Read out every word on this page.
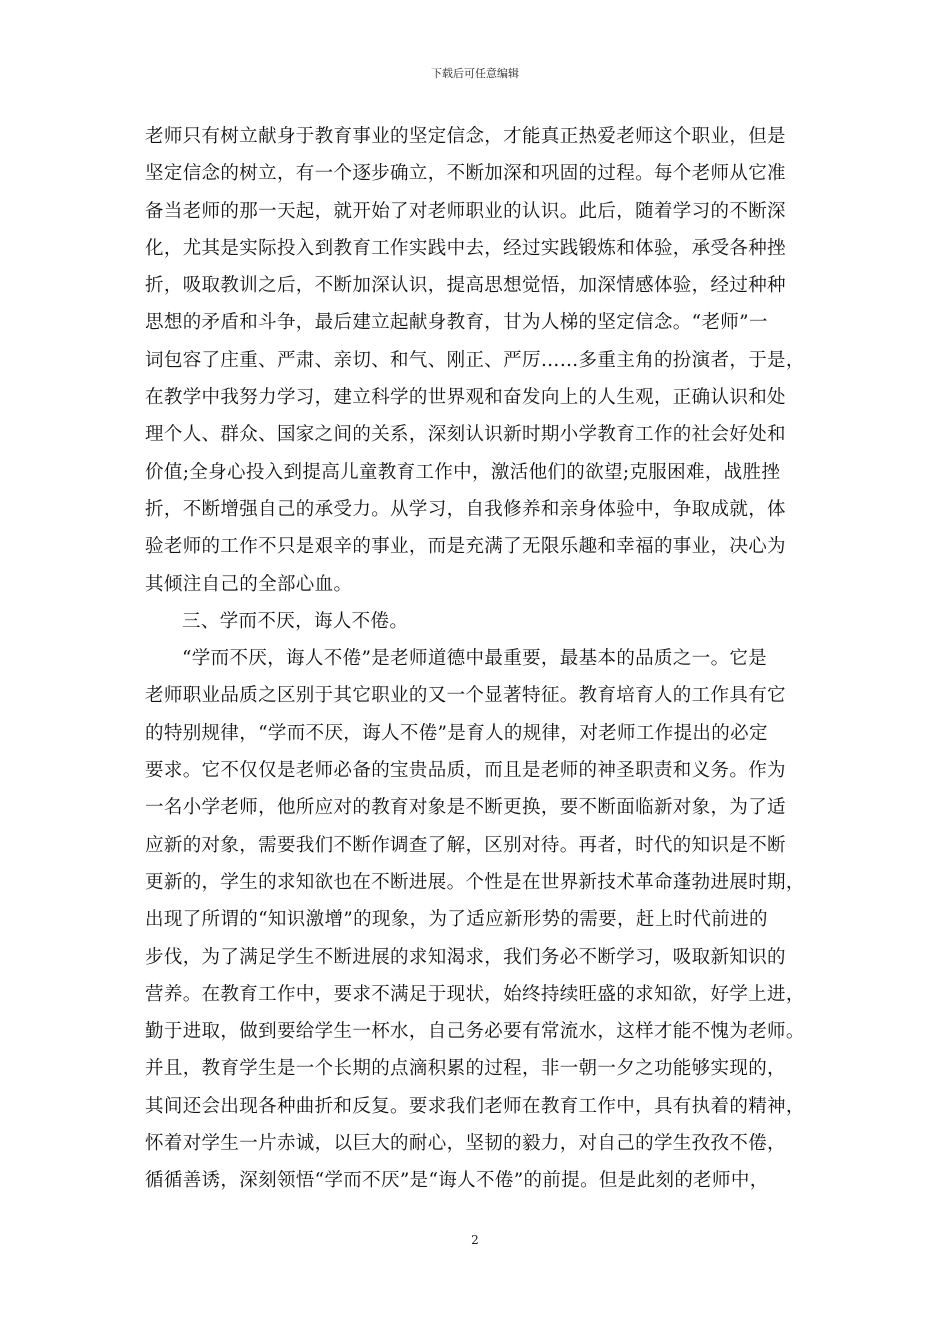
下载后可任意编辑
老师只有树立献身于教育事业的坚定信念，才能真正热爱老师这个职业，但是
坚定信念的树立，有一个逐步确立，不断加深和巩固的过程。每个老师从它准
备当老师的那一天起，就开始了对老师职业的认识。此后，随着学习的不断深
化，尤其是实际投入到教育工作实践中去，经过实践锻炼和体验，承受各种挫
折，吸取教训之后，不断加深认识，提高思想觉悟，加深情感体验，经过种种
思想的矛盾和斗争，最后建立起献身教育，甘为人梯的坚定信念。“老师”一
词包容了庄重、严肃、亲切、和气、刚正、严厉……多重主角的扮演者，于是，
在教学中我努力学习，建立科学的世界观和奋发向上的人生观，正确认识和处
理个人、群众、国家之间的关系，深刻认识新时期小学教育工作的社会好处和
价值;全身心投入到提高儿童教育工作中，激活他们的欲望;克服困难，战胜挫
折，不断增强自己的承受力。从学习，自我修养和亲身体验中，争取成就，体
验老师的工作不只是艰辛的事业，而是充满了无限乐趣和幸福的事业，决心为
其倾注自己的全部心血。
三、学而不厌，诲人不倦。
“学而不厌，诲人不倦”是老师道德中最重要，最基本的品质之一。它是
老师职业品质之区别于其它职业的又一个显著特征。教育培育人的工作具有它
的特别规律，“学而不厌，诲人不倦”是育人的规律，对老师工作提出的必定
要求。它不仅仅是老师必备的宝贵品质，而且是老师的神圣职责和义务。作为
一名小学老师，他所应对的教育对象是不断更换，要不断面临新对象，为了适
应新的对象，需要我们不断作调查了解，区别对待。再者，时代的知识是不断
更新的，学生的求知欲也在不断进展。个性是在世界新技术革命蓬勃进展时期，
出现了所谓的“知识激增”的现象，为了适应新形势的需要，赶上时代前进的
步伐，为了满足学生不断进展的求知渴求，我们务必不断学习，吸取新知识的
营养。在教育工作中，要求不满足于现状，始终持续旺盛的求知欲，好学上进，
勤于进取，做到要给学生一杯水，自己务必要有常流水，这样才能不愧为老师。
并且，教育学生是一个长期的点滴积累的过程，非一朝一夕之功能够实现的，
其间还会出现各种曲折和反复。要求我们老师在教育工作中，具有执着的精神，
怀着对学生一片赤诚，以巨大的耐心，坚韧的毅力，对自己的学生孜孜不倦，
循循善诱，深刻领悟“学而不厌”是“诲人不倦”的前提。但是此刻的老师中，
2
